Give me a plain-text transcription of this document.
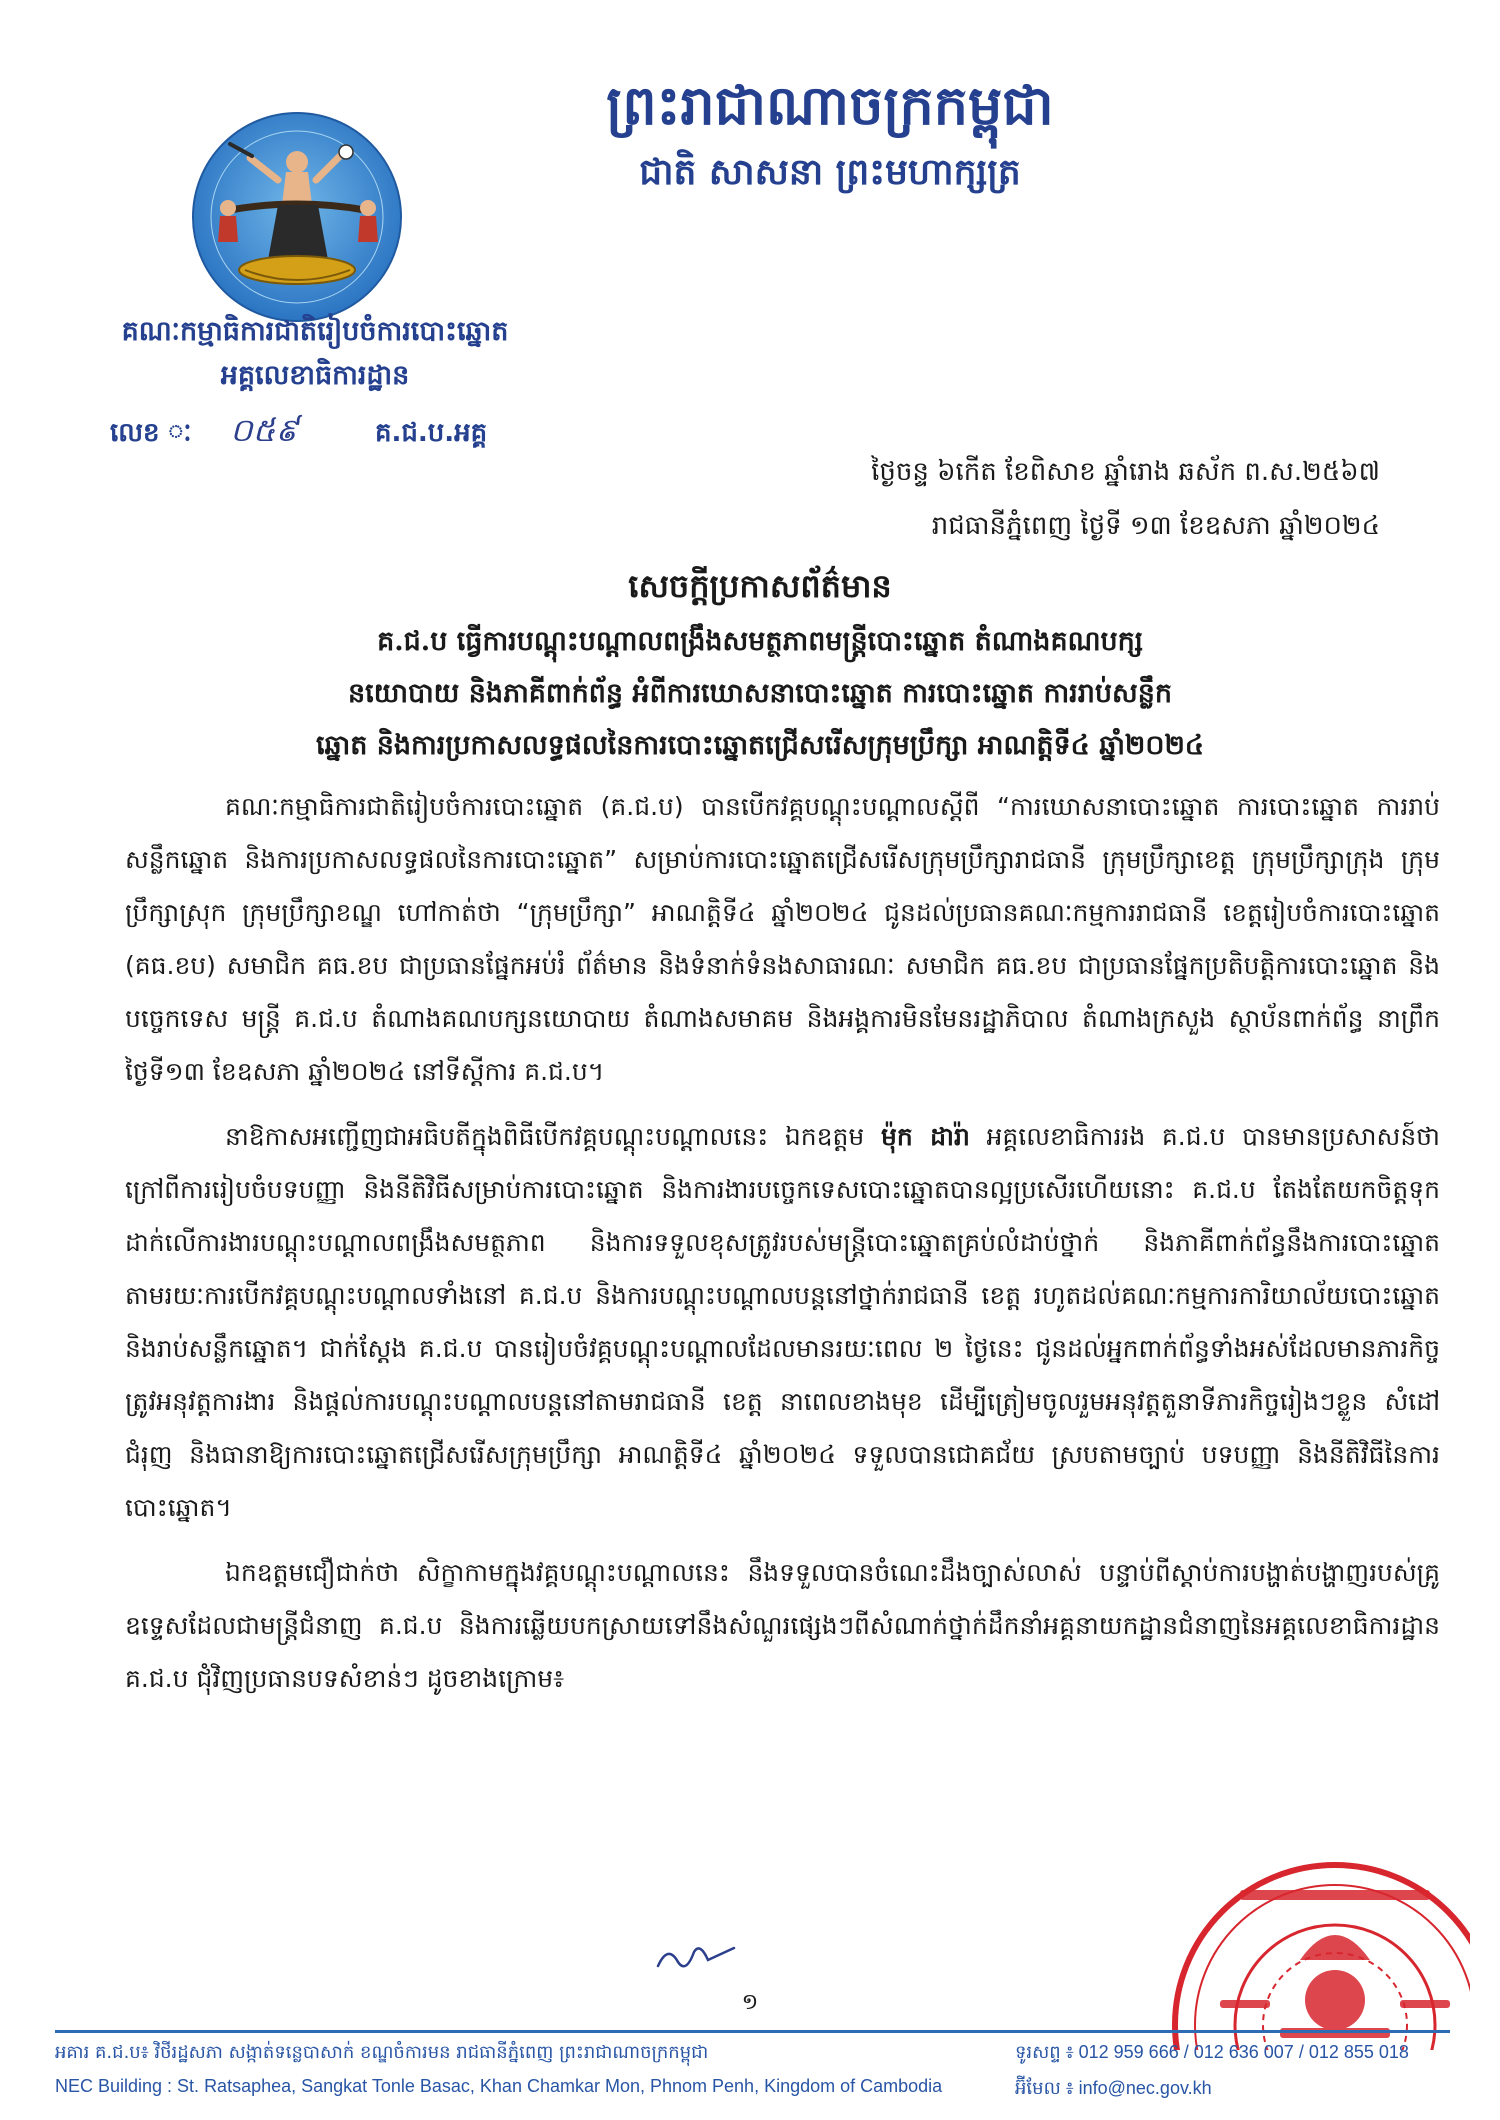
ព្រះរាជាណាចក្រកម្ពុជា
ជាតិ សាសនា ព្រះមហាក្សត្រ
គណៈកម្មាធិការជាតិរៀបចំការបោះឆ្នោត
អគ្គលេខាធិការដ្ឋាន
លេខ ៈ ០៥៩	គ.ជ.ប.អគ្គ
ថ្ងៃចន្ទ ៦កើត ខែពិសាខ ឆ្នាំរោង ឆស័ក ព.ស.២៥៦៧
រាជធានីភ្នំពេញ ថ្ងៃទី ១៣ ខែឧសភា ឆ្នាំ២០២៤
សេចក្តីប្រកាសព័ត៌មាន
គ.ជ.ប ធ្វើការបណ្តុះបណ្តាលពង្រឹងសមត្ថភាពមន្ត្រីបោះឆ្នោត តំណាងគណបក្ស
នយោបាយ និងភាគីពាក់ព័ន្ធ អំពីការឃោសនាបោះឆ្នោត ការបោះឆ្នោត ការរាប់សន្លឹក
ឆ្នោត និងការប្រកាសលទ្ធផលនៃការបោះឆ្នោតជ្រើសរើសក្រុមប្រឹក្សា អាណត្តិទី៤ ឆ្នាំ២០២៤

គណៈកម្មាធិការជាតិរៀបចំការបោះឆ្នោត (គ.ជ.ប) បានបើកវគ្គបណ្តុះបណ្តាលស្តីពី “ការឃោសនាបោះឆ្នោត ការបោះឆ្នោត ការរាប់សន្លឹកឆ្នោត និងការប្រកាសលទ្ធផលនៃការបោះឆ្នោត” សម្រាប់ការបោះឆ្នោតជ្រើសរើសក្រុមប្រឹក្សារាជធានី ក្រុមប្រឹក្សាខេត្ត ក្រុមប្រឹក្សាក្រុង ក្រុមប្រឹក្សាស្រុក ក្រុមប្រឹក្សាខណ្ឌ ហៅកាត់ថា “ក្រុមប្រឹក្សា” អាណត្តិទី៤ ឆ្នាំ២០២៤ ជូនដល់ប្រធានគណៈកម្មការរាជធានី ខេត្តរៀបចំការបោះឆ្នោត (គធ.ខប) សមាជិក គធ.ខប ជាប្រធានផ្នែកអប់រំ ព័ត៌មាន និងទំនាក់ទំនងសាធារណៈ សមាជិក គធ.ខប ជាប្រធានផ្នែកប្រតិបត្តិការបោះឆ្នោត និងបច្ចេកទេស មន្ត្រី គ.ជ.ប តំណាងគណបក្សនយោបាយ តំណាងសមាគម និងអង្គការមិនមែនរដ្ឋាភិបាល តំណាងក្រសួង ស្ថាប័នពាក់ព័ន្ធ នាព្រឹកថ្ងៃទី១៣ ខែឧសភា ឆ្នាំ២០២៤ នៅទីស្តីការ គ.ជ.ប។

នាឱកាសអញ្ជើញជាអធិបតីក្នុងពិធីបើកវគ្គបណ្តុះបណ្តាលនេះ ឯកឧត្តម ម៉ុក ដារ៉ា អគ្គលេខាធិការរង គ.ជ.ប បានមានប្រសាសន៍ថា ក្រៅពីការរៀបចំបទបញ្ញា និងនីតិវិធីសម្រាប់ការបោះឆ្នោត និងការងារបច្ចេកទេសបោះឆ្នោតបានល្អប្រសើរហើយនោះ គ.ជ.ប តែងតែយកចិត្តទុកដាក់លើការងារបណ្តុះបណ្តាលពង្រឹងសមត្ថភាព និងការទទួលខុសត្រូវរបស់មន្ត្រីបោះឆ្នោតគ្រប់លំដាប់ថ្នាក់ និងភាគីពាក់ព័ន្ធនឹងការបោះឆ្នោត តាមរយៈការបើកវគ្គបណ្តុះបណ្តាលទាំងនៅ គ.ជ.ប និងការបណ្តុះបណ្តាលបន្តនៅថ្នាក់រាជធានី ខេត្ត រហូតដល់គណៈកម្មការការិយាល័យបោះឆ្នោត និងរាប់សន្លឹកឆ្នោត។ ជាក់ស្តែង គ.ជ.ប បានរៀបចំវគ្គបណ្តុះបណ្តាលដែលមានរយៈពេល ២ ថ្ងៃនេះ ជូនដល់អ្នកពាក់ព័ន្ធទាំងអស់ដែលមានភារកិច្ចត្រូវអនុវត្តការងារ និងផ្តល់ការបណ្តុះបណ្តាលបន្តនៅតាមរាជធានី ខេត្ត នាពេលខាងមុខ ដើម្បីត្រៀមចូលរួមអនុវត្តតួនាទីភារកិច្ចរៀងៗខ្លួន សំដៅជំរុញ និងធានាឱ្យការបោះឆ្នោតជ្រើសរើសក្រុមប្រឹក្សា អាណត្តិទី៤ ឆ្នាំ២០២៤ ទទួលបានជោគជ័យ ស្របតាមច្បាប់ បទបញ្ញា និងនីតិវិធីនៃការបោះឆ្នោត។

ឯកឧត្តមជឿជាក់ថា សិក្ខាកាមក្នុងវគ្គបណ្តុះបណ្តាលនេះ នឹងទទួលបានចំណេះដឹងច្បាស់លាស់ បន្ទាប់ពីស្តាប់ការបង្ហាត់បង្ហាញរបស់គ្រូឧទ្ទេសដែលជាមន្ត្រីជំនាញ គ.ជ.ប និងការឆ្លើយបកស្រាយទៅនឹងសំណួរផ្សេងៗពីសំណាក់ថ្នាក់ដឹកនាំអគ្គនាយកដ្ឋានជំនាញនៃអគ្គលេខាធិការដ្ឋាន គ.ជ.ប ជុំវិញប្រធានបទសំខាន់ៗ ដូចខាងក្រោម៖

១
អគារ គ.ជ.ប៖ វិថីរដ្ឋសភា សង្កាត់ទន្លេបាសាក់ ខណ្ឌចំការមន រាជធានីភ្នំពេញ ព្រះរាជាណាចក្រកម្ពុជា
NEC Building : St. Ratsaphea, Sangkat Tonle Basac, Khan Chamkar Mon, Phnom Penh, Kingdom of Cambodia
ទូរសព្ទ ៖ 012 959 666 / 012 636 007 / 012 855 018
អ៊ីមែល ៖ info@nec.gov.kh
